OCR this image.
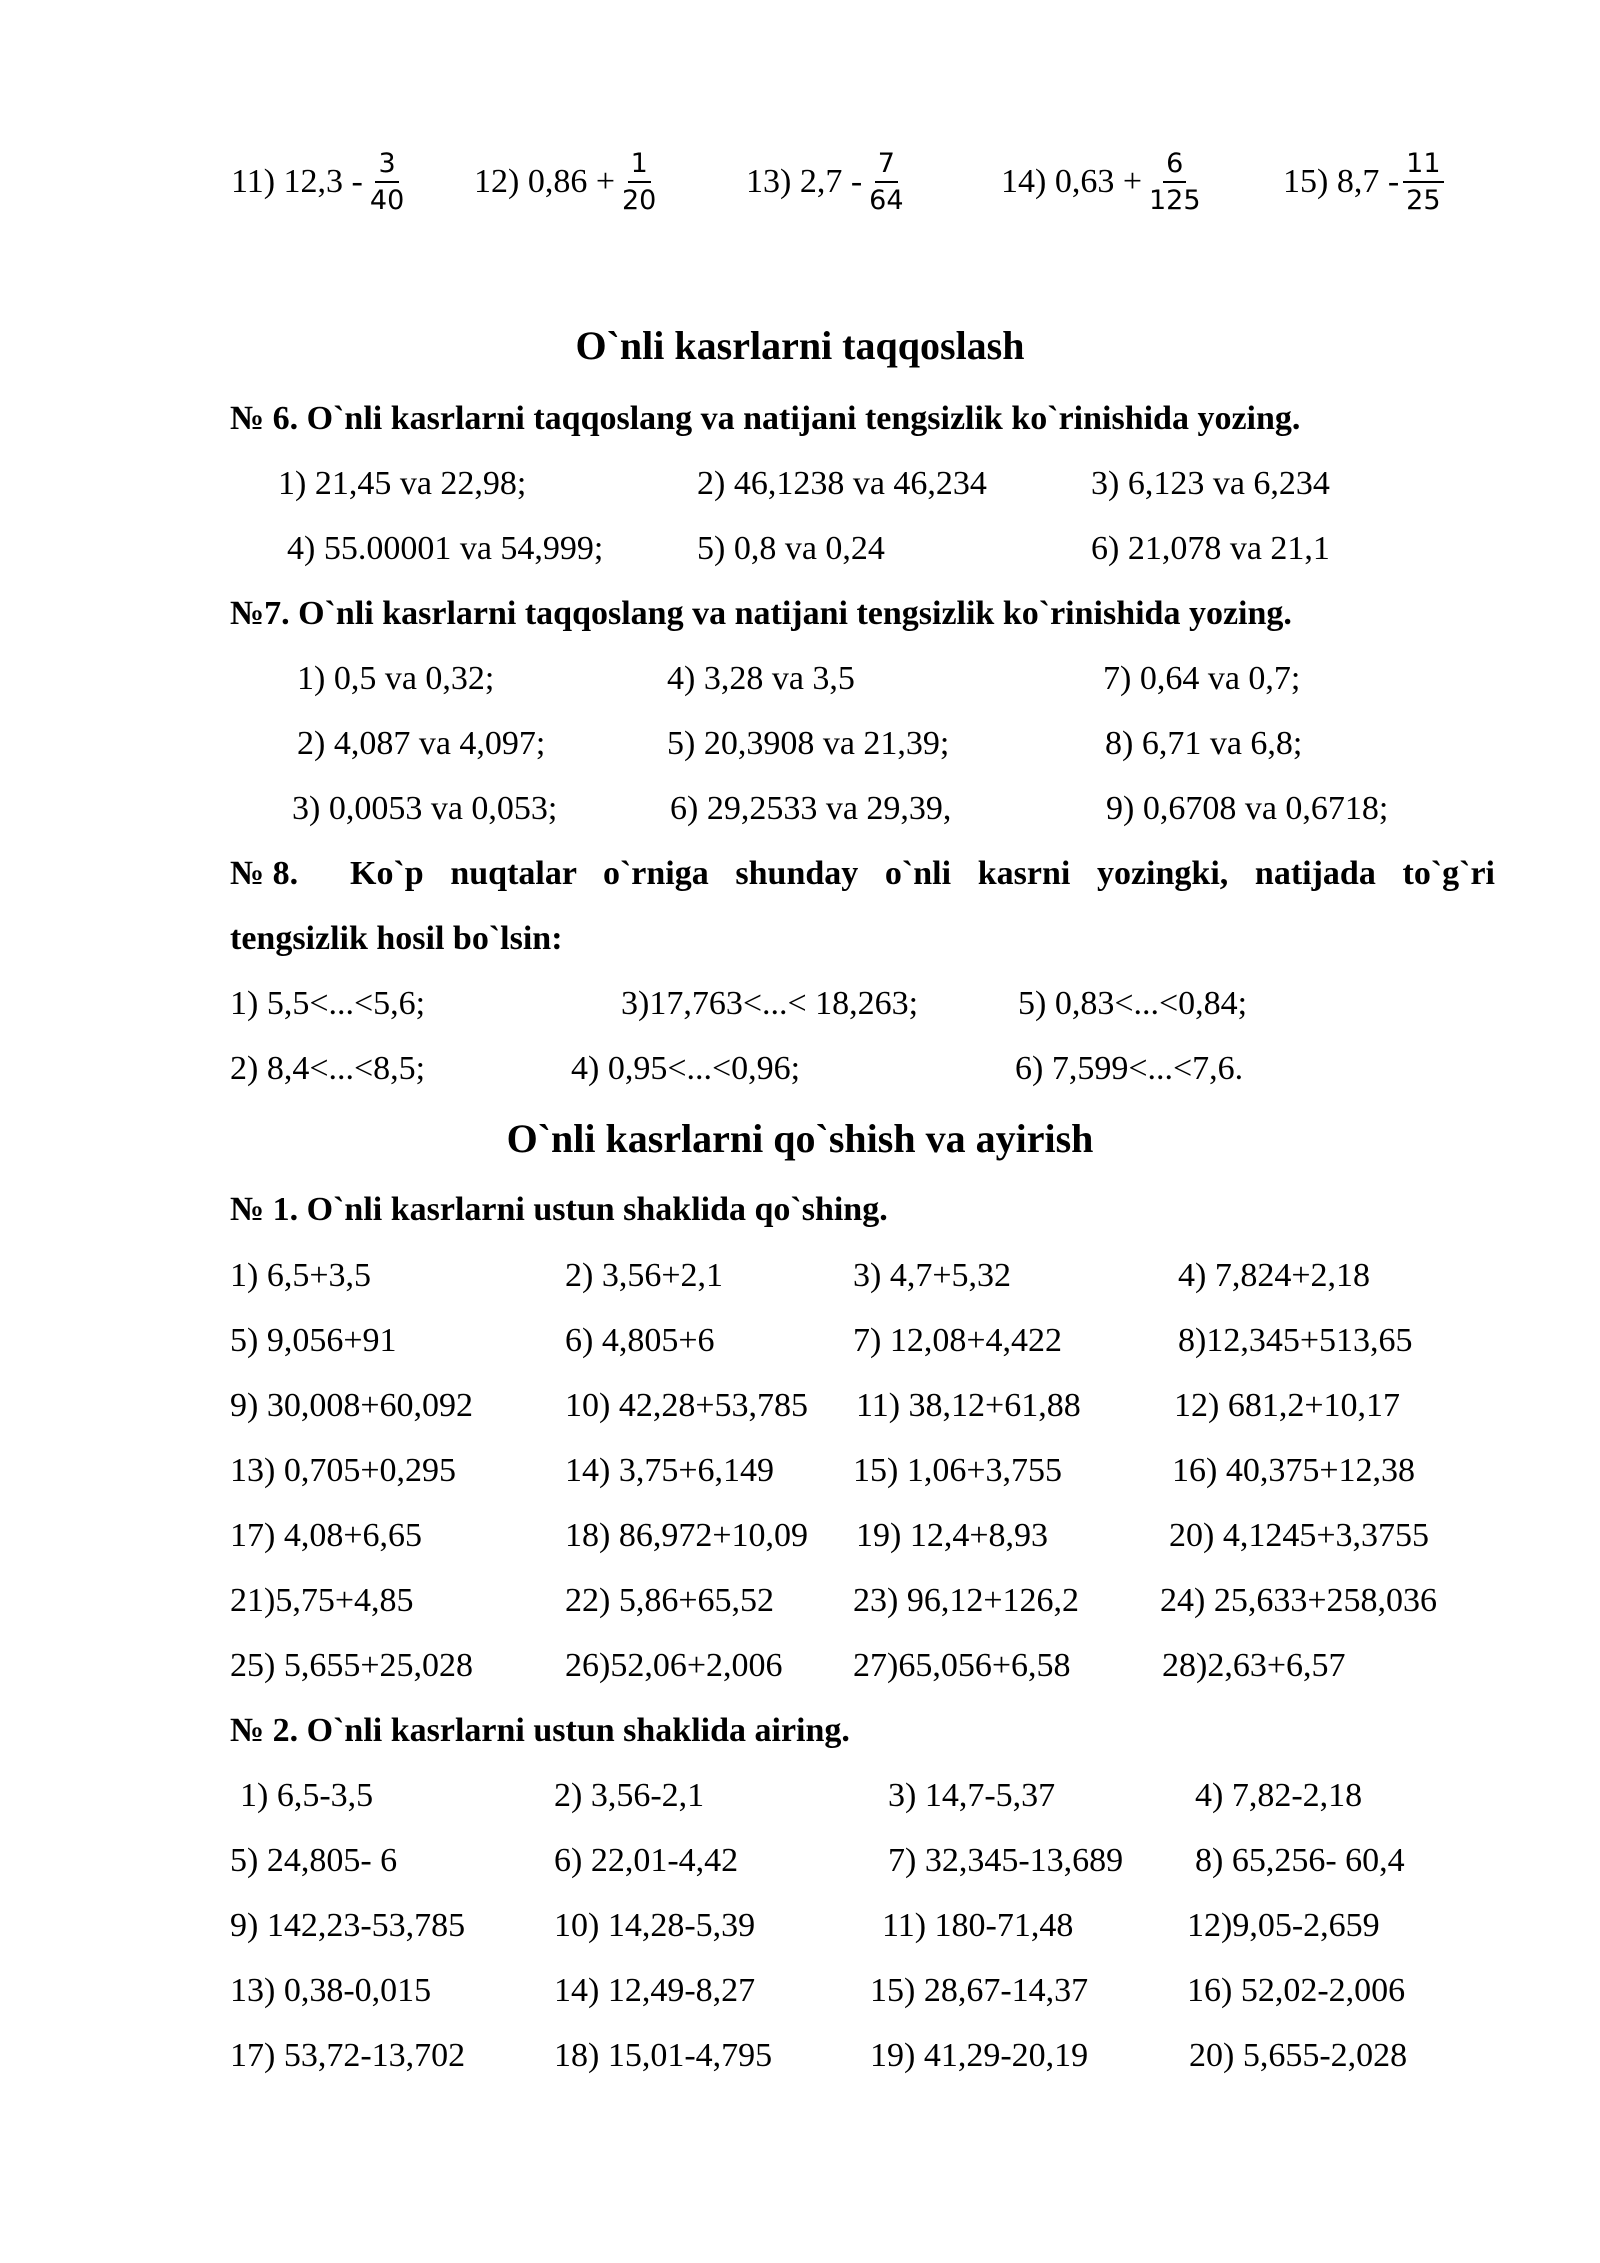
11) $12,3 - \frac{3}{40} 12$) $0,86 + \frac{1}{20}$	13) $2,7 - \frac{7}{64}$	14) $0,63 + \frac{6}{125} 15$) $8,7 - \frac{11}{25}$
O`nli kasrlarni taqqoslash
№ 6. O`nli kasrlarni taqqoslang va natijani tengsizlik ko`rinishida yozing.
1) 21,45 va 22,98;	2) 46,1238 va 46,234	3) 6,123 va 6,234
4) 55.00001 va 54,999;	5) 0,8 va 0,24	6) 21,078 va 21,1
№7. O`nli kasrlarni taqqoslang va natijani tengsizlik ko`rinishida yozing.
1) 0,5 va 0,32;	4) 3,28 va 3,5	7) 0,64 va 0,7;
2) 4,087 va 4,097;	5) 20,3908 va 21,39;	8) 6,71 va 6,8;
3) 0,0053 va 0,053;	6) 29,2533 va 29,39,	9) 0,6708 va 0,6718;
№ 8. Ko`p nuqtalar o`rniga shunday o`nli kasrni yozingki, natijada to`g`ri
tengsizlik hosil bo`lsin:
1) 5,5<...<5,6;	3)17,763<...< 18,263;	5) 0,83<...<0,84;
2) 8,4<...<8,5;	4) 0,95<...<0,96;	6) 7,599<...<7,6.
O`nli kasrlarni qo`shish va ayirish
№ 1. O`nli kasrlarni ustun shaklida qo`shing.
1) 6,5+3,5	2) 3,56+2,1	3) 4,7+5,32	4) 7,824+2,18
5) 9,056+91	6) 4,805+6	7) 12,08+4,422	8)12,345+513,65
9) 30,008+60,092	10) 42,28+53,785 11) 38,12+61,88	12) 681,2+10,17
13) 0,705+0,295	14) 3,75+6,149 15) 1,06+3,755	16) 40,375+12,38
17) 4,08+6,65	18) 86,972+10,09 19) 12,4+8,93	20) 4,1245+3,3755
21)5,75+4,85	22) 5,86+65,52 23) 96,12+126,2 24) 25,633+258,036
25) 5,655+25,028	26)52,06+2,006 27)65,056+6,58	28)2,63+6,57
№ 2. O`nli kasrlarni ustun shaklida airing.
1) 6,5-3,5	2) 3,56-2,1	3) 14,7-5,37	4) 7,82-2,18
5) 24,805- 6	6) 22,01-4,42	7) 32,345-13,689 8) 65,256- 60,4
9) 142,23-53,785	10) 14,28-5,39	11) 180-71,48	12)9,05-2,659
13) 0,38-0,015	14) 12,49-8,27	15) 28,67-14,37	16) 52,02-2,006
17) 53,72-13,702	18) 15,01-4,795	19) 41,29-20,19	20) 5,655-2,028
